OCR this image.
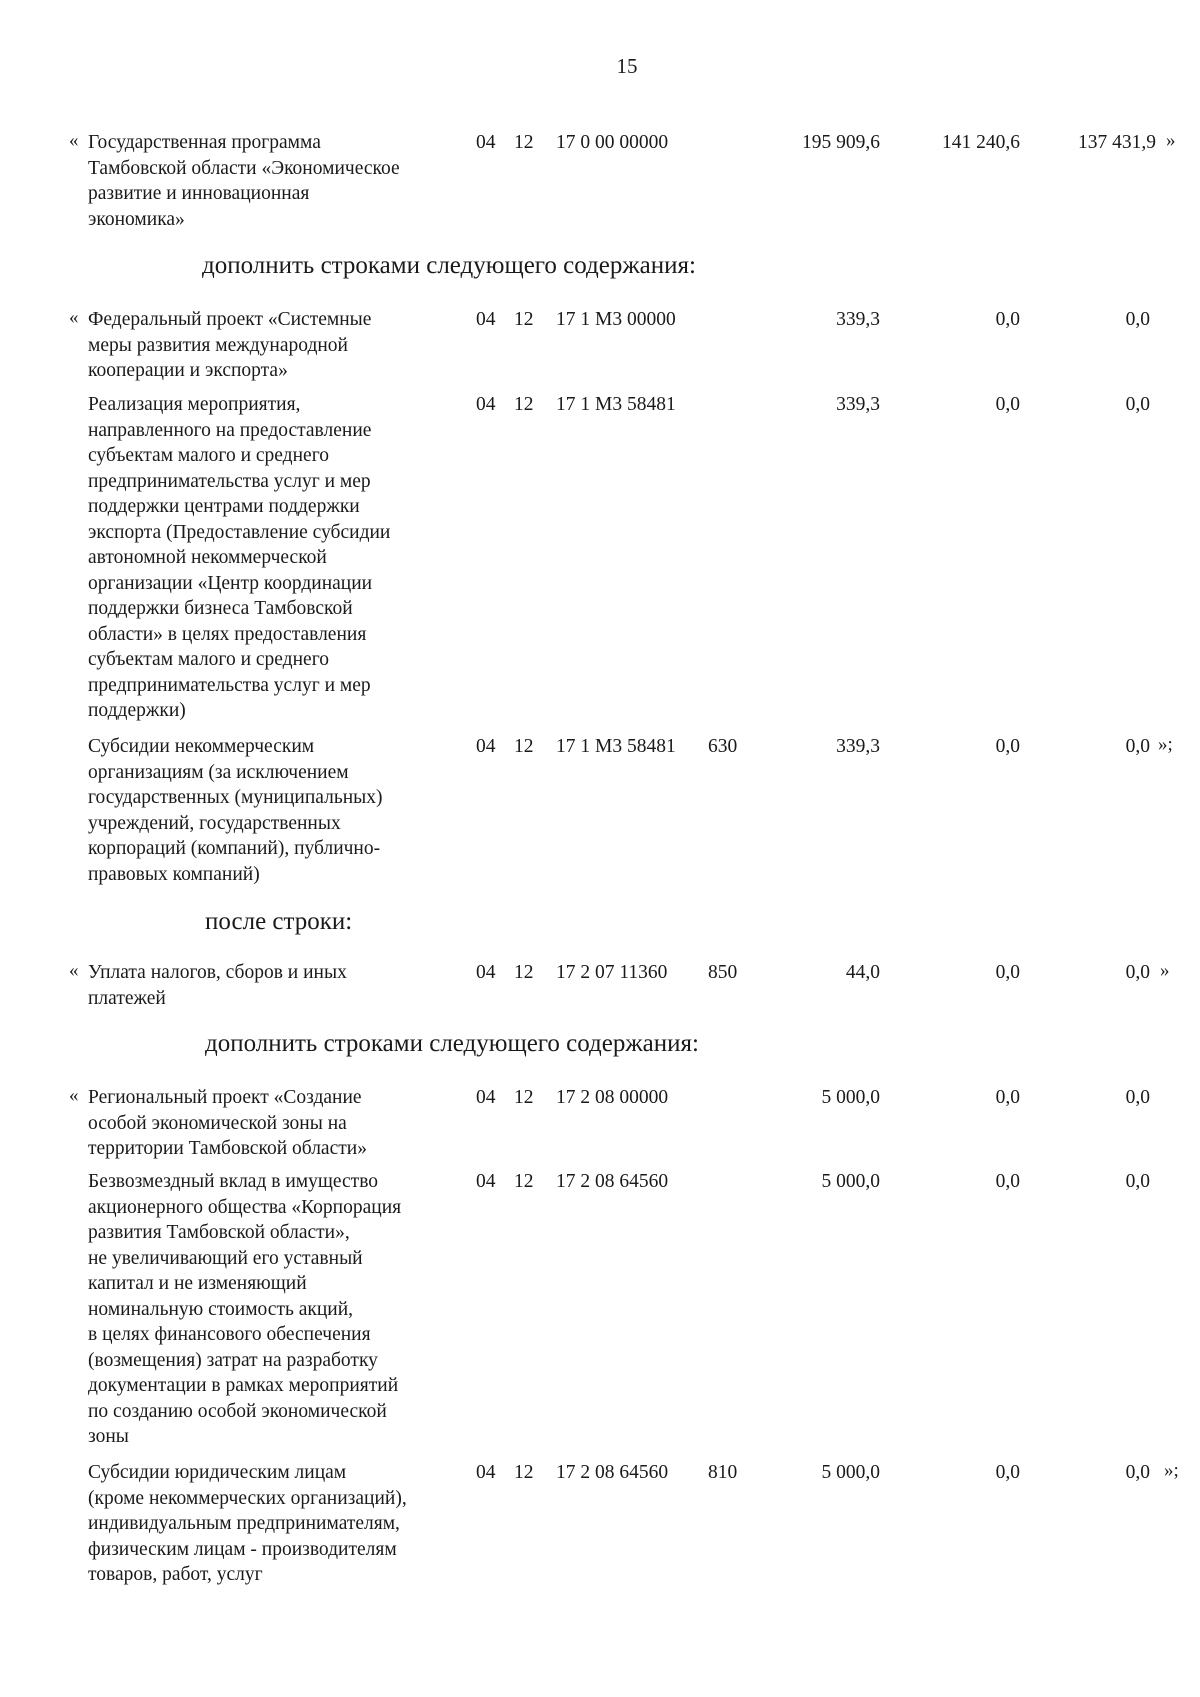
15
« Государственная программа
Тамбовской области «Экономическое
развитие и инновационная
экономика»
04 12 17 0 00 00000	195 909,6	141 240,6	137 431,9 »
дополнить строками следующего содержания:
« Федеральный проект «Системные
меры развития международной
кооперации и экспорта»
04 12 17 1 М3 00000	339,3	0,0	0,0
Реализация мероприятия,
направленного на предоставление
субъектам малого и среднего
предпринимательства услуг и мер
поддержки центрами поддержки
экспорта (Предоставление субсидии
автономной некоммерческой
организации «Центр координации
поддержки бизнеса Тамбовской
области» в целях предоставления
субъектам малого и среднего
предпринимательства услуг и мер
поддержки)
04 12 17 1 М3 58481	339,3	0,0	0,0
Субсидии некоммерческим
организациям (за исключением
государственных (муниципальных)
учреждений, государственных
корпораций (компаний), публично-
правовых компаний)
04 12 17 1 М3 58481 630	339,3	0,0	0,0 »;
после строки:
« Уплата налогов, сборов и иных
платежей
04 12 17 2 07 11360 850	44,0	0,0	0,0 »
дополнить строками следующего содержания:
« Региональный проект «Создание
особой экономической зоны на
территории Тамбовской области»
04 12 17 2 08 00000	5 000,0	0,0	0,0
Безвозмездный вклад в имущество
акционерного общества «Корпорация
развития Тамбовской области»,
не увеличивающий его уставный
капитал и не изменяющий
номинальную стоимость акций,
в целях финансового обеспечения
(возмещения) затрат на разработку
документации в рамках мероприятий
по созданию особой экономической
зоны
04 12 17 2 08 64560	5 000,0	0,0	0,0
Субсидии юридическим лицам
(кроме некоммерческих организаций),
индивидуальным предпринимателям,
физическим лицам - производителям
товаров, работ, услуг
04 12 17 2 08 64560 810	5 000,0	0,0	0,0 »;
